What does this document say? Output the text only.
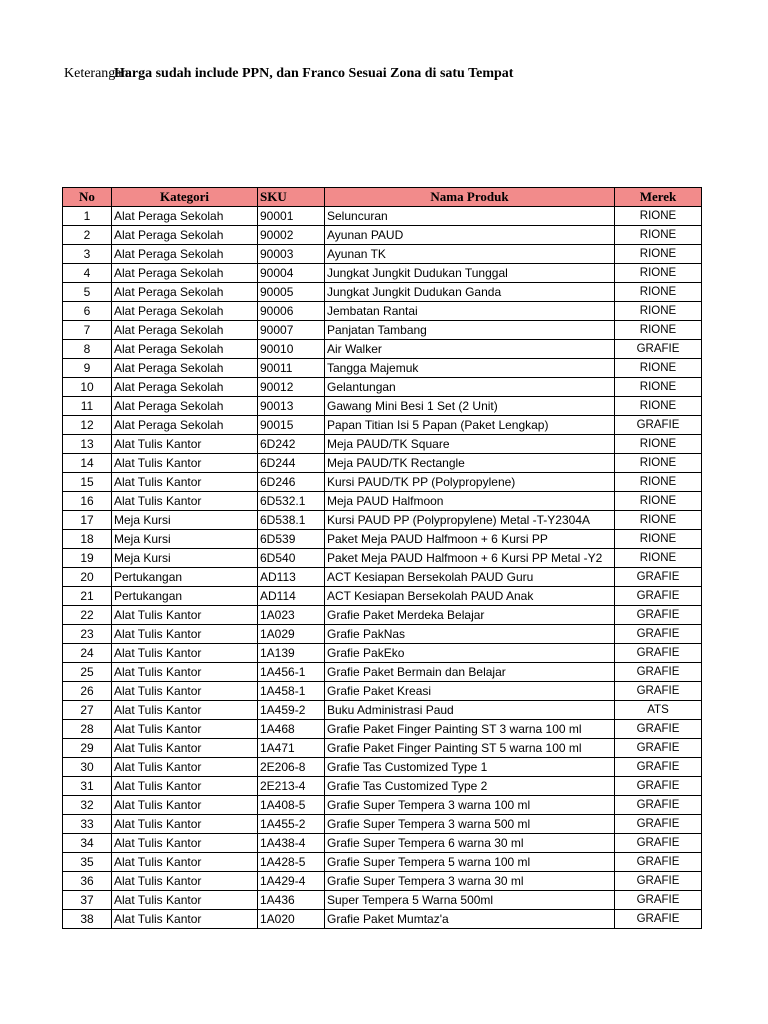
KeteranganHarga sudah include PPN, dan Franco Sesuai Zona di satu Tempat
No	Kategori	SKU	Nama Produk	Merek
1	Alat Peraga Sekolah	90001	Seluncuran	RIONE
2	Alat Peraga Sekolah	90002	Ayunan PAUD	RIONE
3	Alat Peraga Sekolah	90003	Ayunan TK	RIONE
4	Alat Peraga Sekolah	90004	Jungkat Jungkit Dudukan Tunggal	RIONE
5	Alat Peraga Sekolah	90005	Jungkat Jungkit Dudukan Ganda	RIONE
6	Alat Peraga Sekolah	90006	Jembatan Rantai	RIONE
7	Alat Peraga Sekolah	90007	Panjatan Tambang	RIONE
8	Alat Peraga Sekolah	90010	Air Walker	GRAFIE
9	Alat Peraga Sekolah	90011	Tangga Majemuk	RIONE
10	Alat Peraga Sekolah	90012	Gelantungan	RIONE
11	Alat Peraga Sekolah	90013	Gawang Mini Besi 1 Set (2 Unit)	RIONE
12	Alat Peraga Sekolah	90015	Papan Titian Isi 5 Papan (Paket Lengkap)	GRAFIE
13	Alat Tulis Kantor	6D242	Meja PAUD/TK Square	RIONE
14	Alat Tulis Kantor	6D244	Meja PAUD/TK Rectangle	RIONE
15	Alat Tulis Kantor	6D246	Kursi PAUD/TK PP (Polypropylene)	RIONE
16	Alat Tulis Kantor	6D532.1	Meja PAUD Halfmoon	RIONE
17	Meja Kursi	6D538.1	Kursi PAUD PP (Polypropylene) Metal -T-Y2304A	RIONE
18	Meja Kursi	6D539	Paket Meja PAUD Halfmoon + 6 Kursi PP	RIONE
19	Meja Kursi	6D540	Paket Meja PAUD Halfmoon + 6 Kursi PP Metal -Y2	RIONE
20	Pertukangan	AD113	ACT Kesiapan Bersekolah PAUD Guru	GRAFIE
21	Pertukangan	AD114	ACT Kesiapan Bersekolah PAUD Anak	GRAFIE
22	Alat Tulis Kantor	1A023	Grafie Paket Merdeka Belajar	GRAFIE
23	Alat Tulis Kantor	1A029	Grafie PakNas	GRAFIE
24	Alat Tulis Kantor	1A139	Grafie PakEko	GRAFIE
25	Alat Tulis Kantor	1A456-1	Grafie Paket Bermain dan Belajar	GRAFIE
26	Alat Tulis Kantor	1A458-1	Grafie Paket Kreasi	GRAFIE
27	Alat Tulis Kantor	1A459-2	Buku Administrasi Paud	ATS
28	Alat Tulis Kantor	1A468	Grafie Paket Finger Painting ST 3 warna 100 ml	GRAFIE
29	Alat Tulis Kantor	1A471	Grafie Paket Finger Painting ST 5 warna 100 ml	GRAFIE
30	Alat Tulis Kantor	2E206-8	Grafie Tas Customized Type 1	GRAFIE
31	Alat Tulis Kantor	2E213-4	Grafie Tas Customized Type 2	GRAFIE
32	Alat Tulis Kantor	1A408-5	Grafie Super Tempera 3 warna 100 ml	GRAFIE
33	Alat Tulis Kantor	1A455-2	Grafie Super Tempera 3 warna 500 ml	GRAFIE
34	Alat Tulis Kantor	1A438-4	Grafie Super Tempera 6 warna 30 ml	GRAFIE
35	Alat Tulis Kantor	1A428-5	Grafie Super Tempera 5 warna 100 ml	GRAFIE
36	Alat Tulis Kantor	1A429-4	Grafie Super Tempera 3 warna 30 ml	GRAFIE
37	Alat Tulis Kantor	1A436	Super Tempera 5 Warna 500ml	GRAFIE
38	Alat Tulis Kantor	1A020	Grafie Paket Mumtaz'a	GRAFIE
